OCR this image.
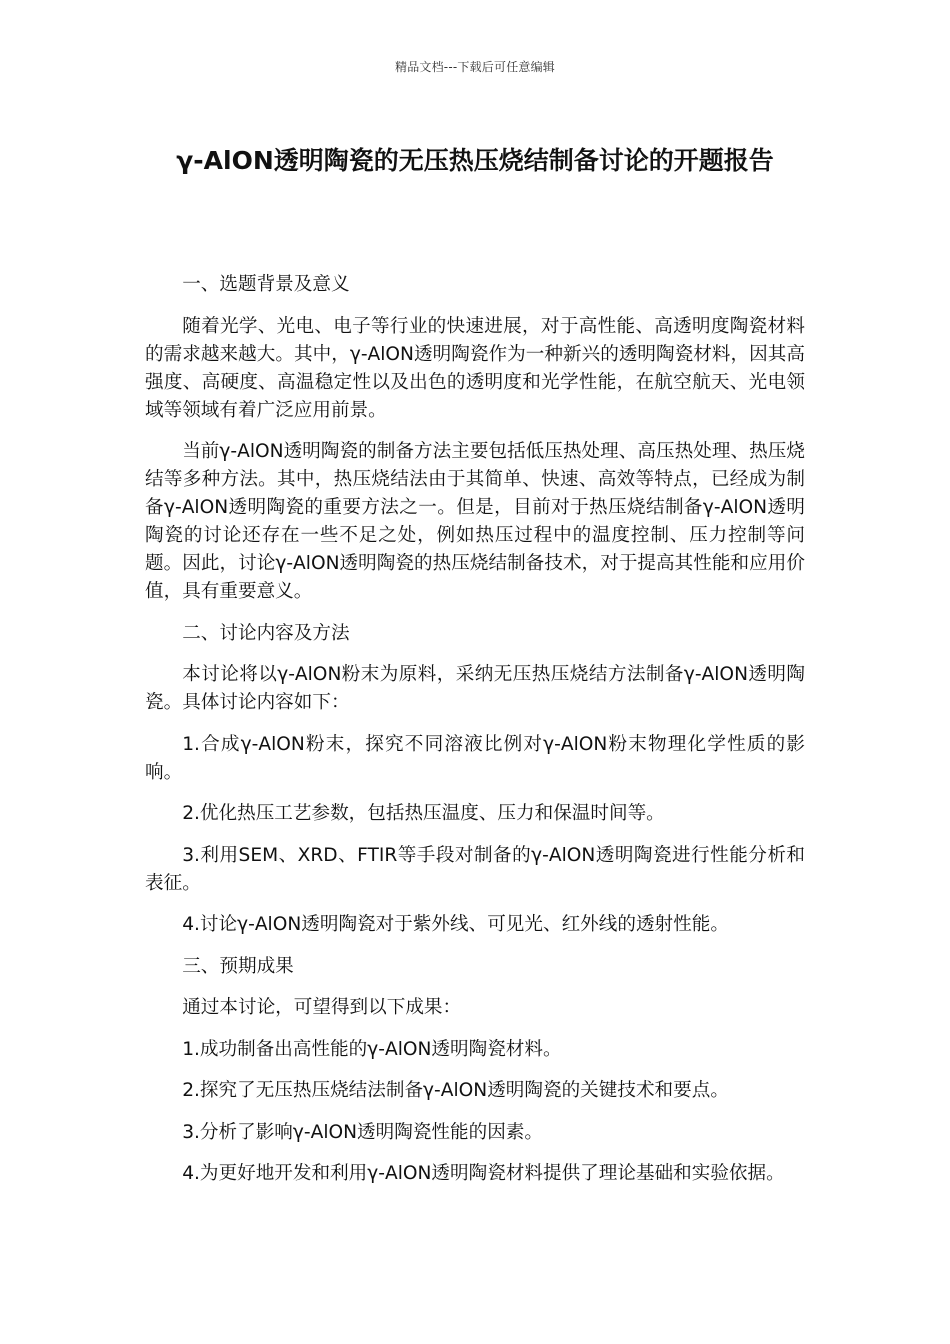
精品文档---下载后可任意编辑
γ-AlON透明陶瓷的无压热压烧结制备讨论的开题报告

一、选题背景及意义

随着光学、光电、电子等行业的快速进展，对于高性能、高透明度陶瓷材料的需求越来越大。其中，γ-AlON透明陶瓷作为一种新兴的透明陶瓷材料，因其高强度、高硬度、高温稳定性以及出色的透明度和光学性能，在航空航天、光电领域等领域有着广泛应用前景。

当前γ-AlON透明陶瓷的制备方法主要包括低压热处理、高压热处理、热压烧结等多种方法。其中，热压烧结法由于其简单、快速、高效等特点，已经成为制备γ-AlON透明陶瓷的重要方法之一。但是，目前对于热压烧结制备γ-AlON透明陶瓷的讨论还存在一些不足之处，例如热压过程中的温度控制、压力控制等问题。因此，讨论γ-AlON透明陶瓷的热压烧结制备技术，对于提高其性能和应用价值，具有重要意义。

二、讨论内容及方法

本讨论将以γ-AlON粉末为原料，采纳无压热压烧结方法制备γ-AlON透明陶瓷。具体讨论内容如下：

1.合成γ-AlON粉末，探究不同溶液比例对γ-AlON粉末物理化学性质的影响。

2.优化热压工艺参数，包括热压温度、压力和保温时间等。

3.利用SEM、XRD、FTIR等手段对制备的γ-AlON透明陶瓷进行性能分析和表征。

4.讨论γ-AlON透明陶瓷对于紫外线、可见光、红外线的透射性能。

三、预期成果

通过本讨论，可望得到以下成果：

1.成功制备出高性能的γ-AlON透明陶瓷材料。

2.探究了无压热压烧结法制备γ-AlON透明陶瓷的关键技术和要点。

3.分析了影响γ-AlON透明陶瓷性能的因素。

4.为更好地开发和利用γ-AlON透明陶瓷材料提供了理论基础和实验依据。
